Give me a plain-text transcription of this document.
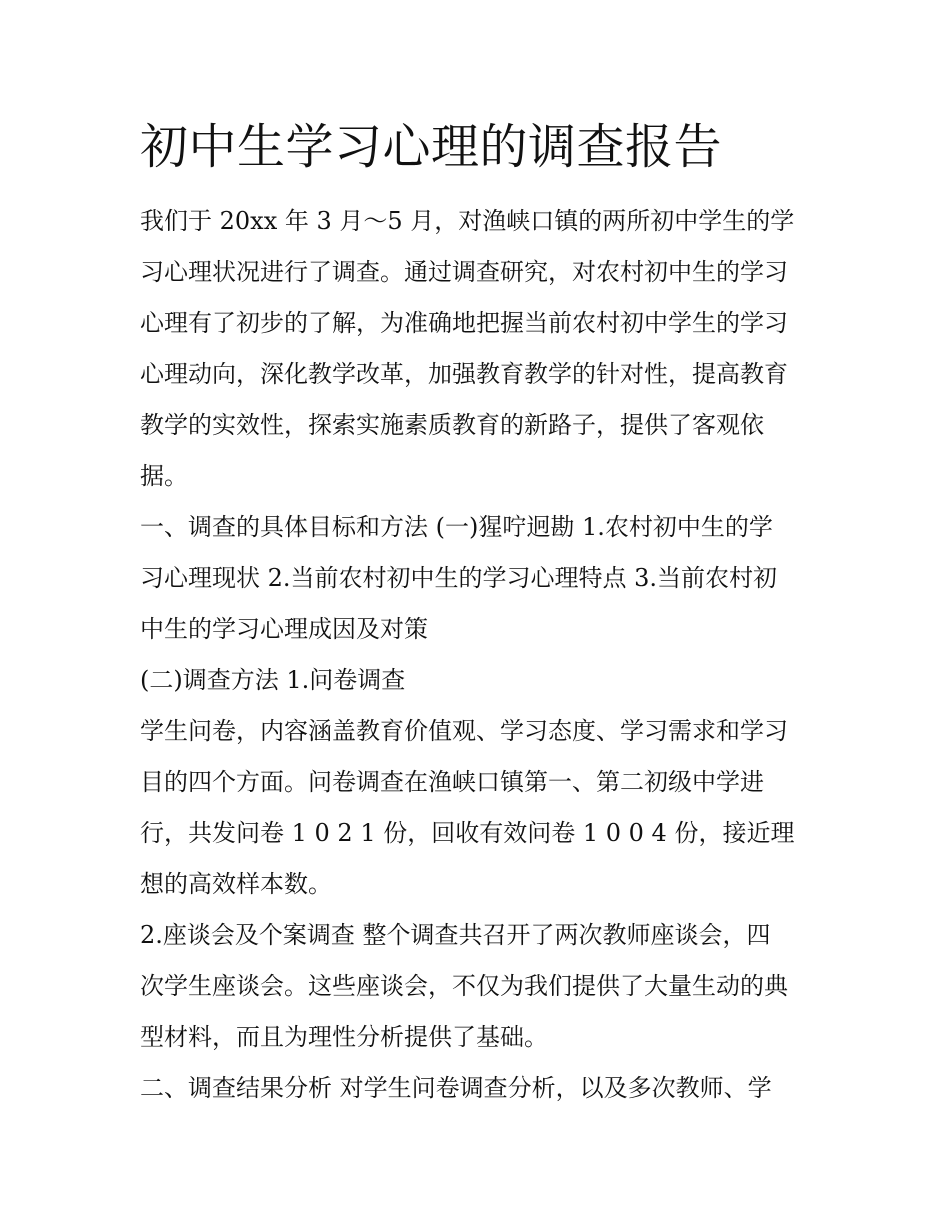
初中生学习心理的调查报告
我们于 20xx 年 3 月～5 月，对渔峡口镇的两所初中学生的学
习心理状况进行了调查。通过调查研究，对农村初中生的学习
心理有了初步的了解，为准确地把握当前农村初中学生的学习
心理动向，深化教学改革，加强教育教学的针对性，提高教育
教学的实效性，探索实施素质教育的新路子，提供了客观依
据。
一、调查的具体目标和方法 (一)猩咛迥勘 1.农村初中生的学
习心理现状 2.当前农村初中生的学习心理特点 3.当前农村初
中生的学习心理成因及对策
(二)调查方法 1.问卷调查
学生问卷，内容涵盖教育价值观、学习态度、学习需求和学习
目的四个方面。问卷调查在渔峡口镇第一、第二初级中学进
行，共发问卷 1 0 2 1 份，回收有效问卷 1 0 0 4 份，接近理
想的高效样本数。
2.座谈会及个案调查 整个调查共召开了两次教师座谈会，四
次学生座谈会。这些座谈会，不仅为我们提供了大量生动的典
型材料，而且为理性分析提供了基础。
二、调查结果分析 对学生问卷调查分析，以及多次教师、学
